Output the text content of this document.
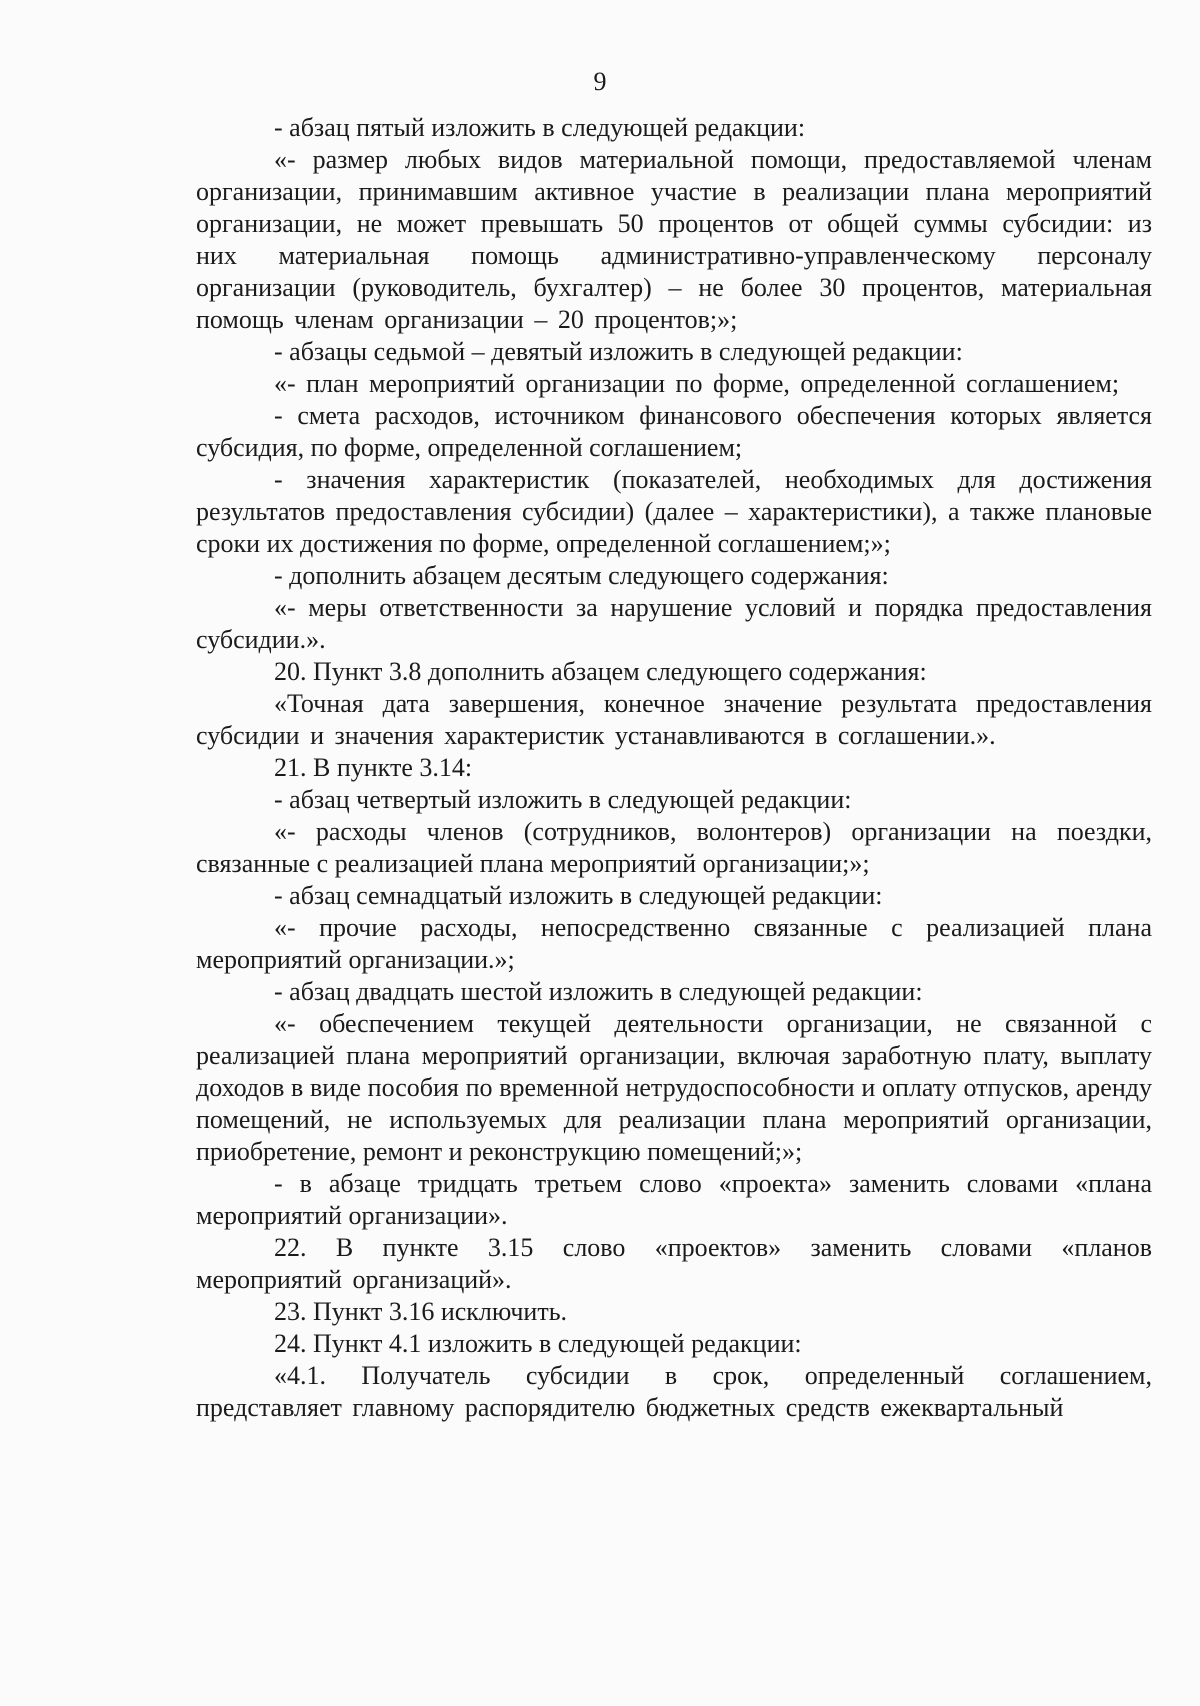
9

- абзац пятый изложить в следующей редакции:

«- размер любых видов материальной помощи, предоставляемой членам организации, принимавшим активное участие в реализации плана мероприятий организации, не может превышать 50 процентов от общей суммы субсидии: из них материальная помощь административно-управленческому персоналу организации (руководитель, бухгалтер) – не более 30 процентов, материальная помощь членам организации – 20 процентов;»;

- абзацы седьмой – девятый изложить в следующей редакции:

«- план мероприятий организации по форме, определенной соглашением;

- смета расходов, источником финансового обеспечения которых является субсидия, по форме, определенной соглашением;

- значения характеристик (показателей, необходимых для достижения результатов предоставления субсидии) (далее – характеристики), а также плановые сроки их достижения по форме, определенной соглашением;»;

- дополнить абзацем десятым следующего содержания:

«- меры ответственности за нарушение условий и порядка предоставления субсидии.».

20. Пункт 3.8 дополнить абзацем следующего содержания:

«Точная дата завершения, конечное значение результата предоставления субсидии и значения характеристик устанавливаются в соглашении.».

21. В пункте 3.14:

- абзац четвертый изложить в следующей редакции:

«- расходы членов (сотрудников, волонтеров) организации на поездки, связанные с реализацией плана мероприятий организации;»;

- абзац семнадцатый изложить в следующей редакции:

«- прочие расходы, непосредственно связанные с реализацией плана мероприятий организации.»;

- абзац двадцать шестой изложить в следующей редакции:

«- обеспечением текущей деятельности организации, не связанной с реализацией плана мероприятий организации, включая заработную плату, выплату доходов в виде пособия по временной нетрудоспособности и оплату отпусков, аренду помещений, не используемых для реализации плана мероприятий организации, приобретение, ремонт и реконструкцию помещений;»;

- в абзаце тридцать третьем слово «проекта» заменить словами «плана мероприятий организации».

22. В пункте 3.15 слово «проектов» заменить словами «планов мероприятий организаций».

23. Пункт 3.16 исключить.

24. Пункт 4.1 изложить в следующей редакции:

«4.1. Получатель субсидии в срок, определенный соглашением, представляет главному распорядителю бюджетных средств ежеквартальный
